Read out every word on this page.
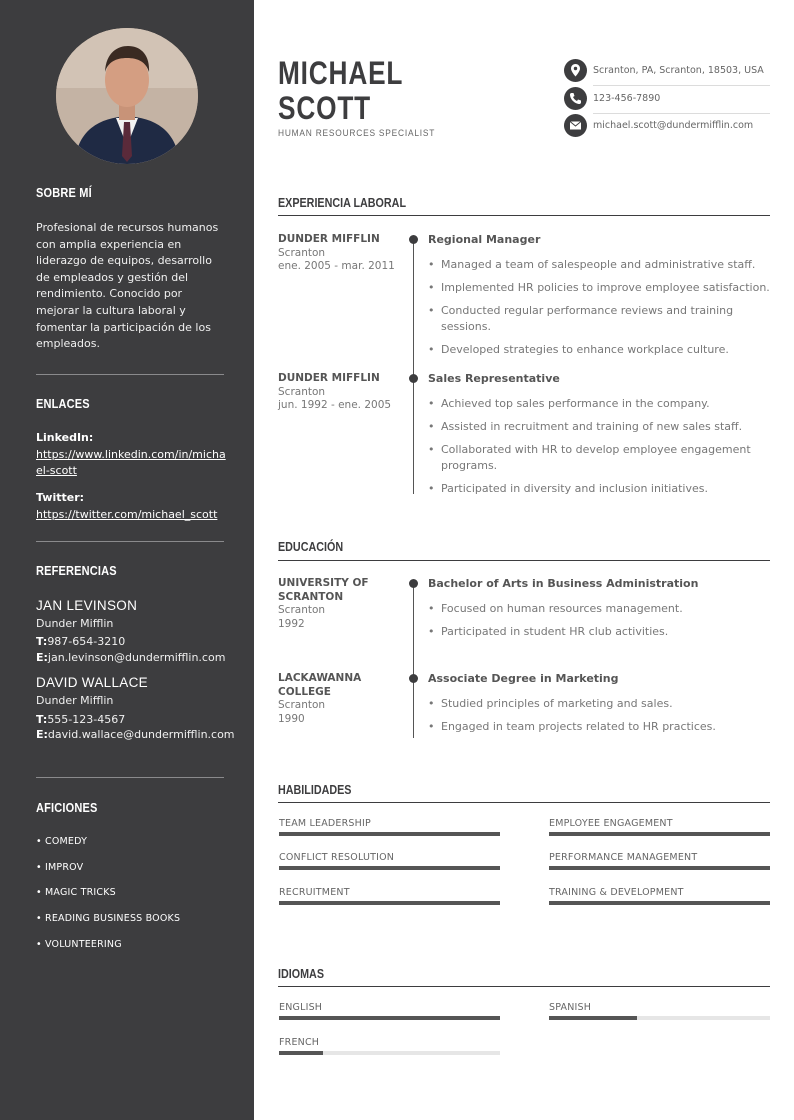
SOBRE MÍ

Profesional de recursos humanos con amplia experiencia en liderazgo de equipos, desarrollo de empleados y gestión del rendimiento. Conocido por mejorar la cultura laboral y fomentar la participación de los empleados.

ENLACES
LinkedIn:
https://www.linkedin.com/in/michael-scott
Twitter:
https://twitter.com/michael_scott
REFERENCIAS
JAN LEVINSON
Dunder Mifflin
T:987-654-3210
E:jan.levinson@dundermifflin.com
DAVID WALLACE
Dunder Mifflin
T:555-123-4567
E:david.wallace@dundermifflin.com
AFICIONES
• COMEDY
• IMPROV
• MAGIC TRICKS
• READING BUSINESS BOOKS
• VOLUNTEERING
MICHAEL
SCOTT
HUMAN RESOURCES SPECIALIST
Scranton, PA, Scranton, 18503, USA
123-456-7890
michael.scott@dundermifflin.com
EXPERIENCIA LABORAL
DUNDER MIFFLIN
Scranton
ene. 2005 - mar. 2011
Regional Manager
• Managed a team of salespeople and administrative staff.
• Implemented HR policies to improve employee satisfaction.
• Conducted regular performance reviews and training sessions.
• Developed strategies to enhance workplace culture.
DUNDER MIFFLIN
Scranton
jun. 1992 - ene. 2005
Sales Representative
• Achieved top sales performance in the company.
• Assisted in recruitment and training of new sales staff.
• Collaborated with HR to develop employee engagement programs.
• Participated in diversity and inclusion initiatives.
EDUCACIÓN
UNIVERSITY OF SCRANTON
Scranton
1992
Bachelor of Arts in Business Administration
• Focused on human resources management.
• Participated in student HR club activities.
LACKAWANNA COLLEGE
Scranton
1990
Associate Degree in Marketing
• Studied principles of marketing and sales.
• Engaged in team projects related to HR practices.
HABILIDADES
TEAM LEADERSHIP	EMPLOYEE ENGAGEMENT
CONFLICT RESOLUTION	PERFORMANCE MANAGEMENT
RECRUITMENT	TRAINING & DEVELOPMENT
IDIOMAS
ENGLISH	SPANISH
FRENCH
